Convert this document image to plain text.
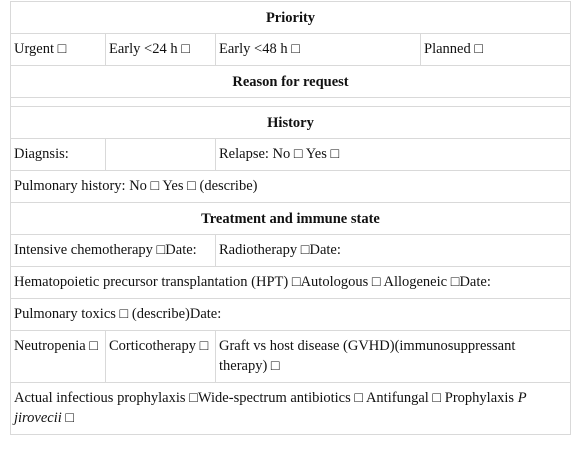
Priority			
Urgent □	Early <24 h □	Early <48 h □	Planned □
Reason for request			

History			
Diagnsis:		Relapse: No □ Yes □	
Pulmonary history: No □ Yes □ (describe)			
Treatment and immune state			
Intensive chemotherapy □Date:		Radiotherapy □Date:	
Hematopoietic precursor transplantation (HPT) □Autologous □ Allogeneic □Date:			
Pulmonary toxics □ (describe)Date:			
Neutropenia □	Corticotherapy □	Graft vs host disease (GVHD)(immunosuppressant therapy) □	
Actual infectious prophylaxis □Wide-spectrum antibiotics □ Antifungal □ Prophylaxis P jirovecii □			
